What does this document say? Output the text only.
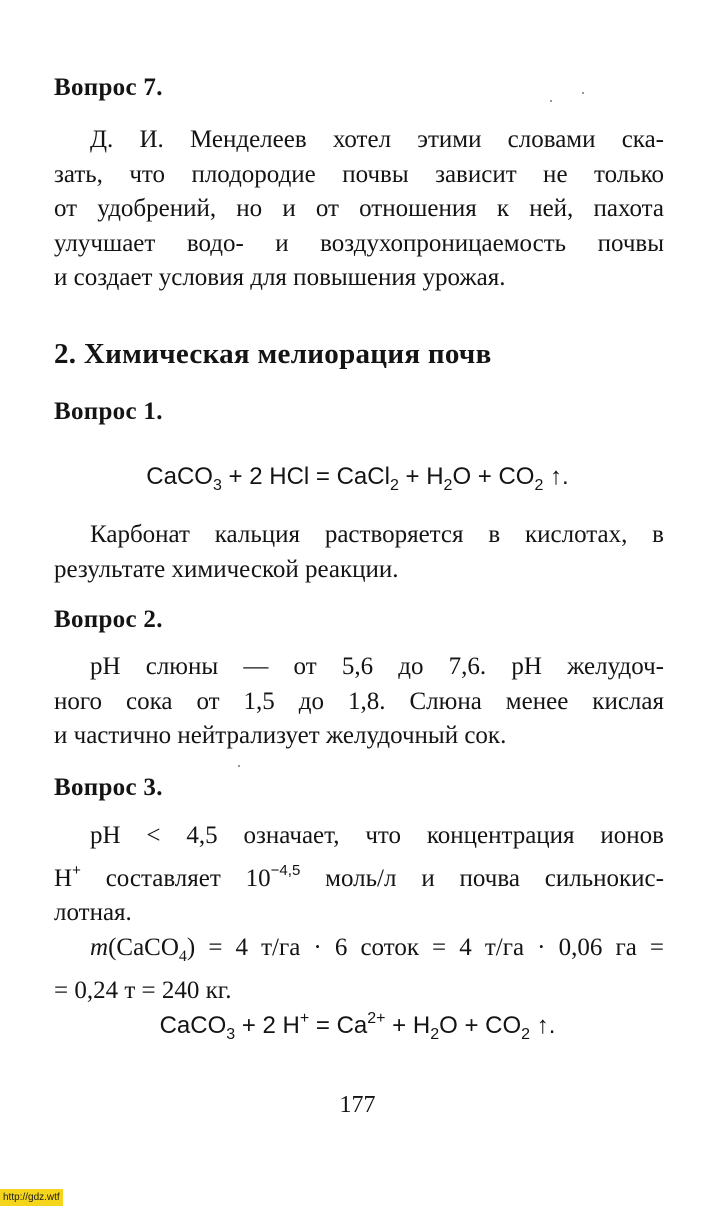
Вопрос 7.
Д. И. Менделеев хотел этими словами ска-
зать, что плодородие почвы зависит не только
от удобрений, но и от отношения к ней, пахота
улучшает водо- и воздухопроницаемость почвы
и создает условия для повышения урожая.
2. Химическая мелиорация почв
Вопрос 1.
CaCO$_3$ + 2 HCl = CaCl$_2$ + $H_2O + CO_2$ ↑.
Карбонат кальция растворяется в кислотах, в
результате химической реакции.
Вопрос 2.
pH слюны — от 5,6 до 7,6. pH желудоч-
ного сока от 1,5 до 1,8. Слюна менее кислая
и частично нейтрализует желудочный сок.
Вопрос 3.
pH < 4,5 означает, что концентрация ионов
H+ составляет $10^{-4,5}$ моль/л и почва сильнокис-
лотная.
m(CaCO$_4$) = 4 т/га · 6 соток = 4 т/га · 0,06 га =
= 0,24 т = 240 кг.
CaCO$_3$ + 2 $H^+ = Ca^{2+} + H_2O + CO_2$ ↑.
177
http://gdz.wtf
